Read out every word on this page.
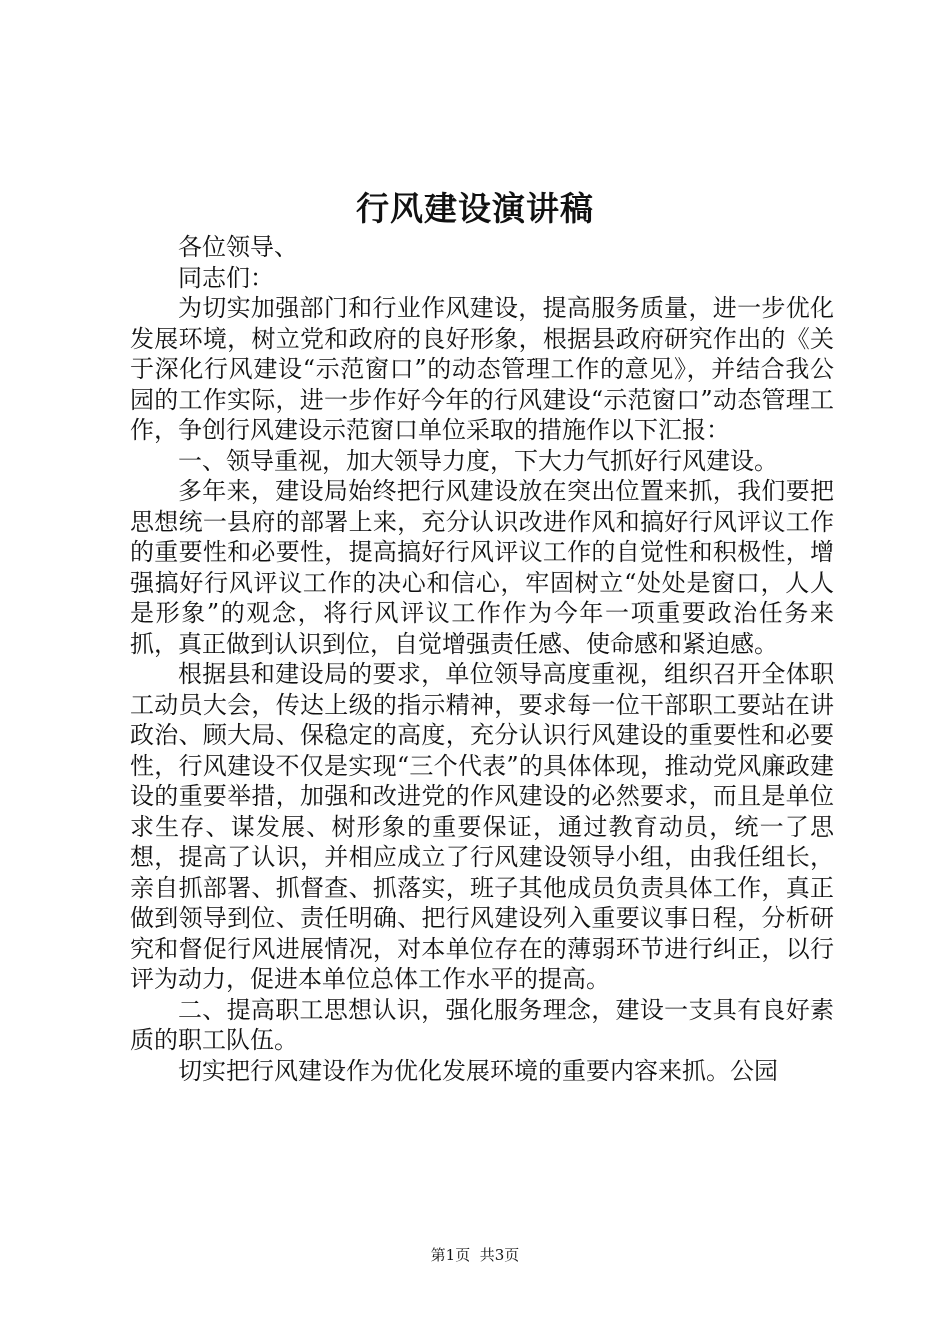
行风建设演讲稿

各位领导、

同志们：

为切实加强部门和行业作风建设，提高服务质量，进一步优化发展环境，树立党和政府的良好形象，根据县政府研究作出的《关于深化行风建设“示范窗口”的动态管理工作的意见》，并结合我公园的工作实际，进一步作好今年的行风建设“示范窗口”动态管理工作，争创行风建设示范窗口单位采取的措施作以下汇报：

一、领导重视，加大领导力度，下大力气抓好行风建设。

多年来，建设局始终把行风建设放在突出位置来抓，我们要把思想统一县府的部署上来，充分认识改进作风和搞好行风评议工作的重要性和必要性，提高搞好行风评议工作的自觉性和积极性，增强搞好行风评议工作的决心和信心，牢固树立“处处是窗口，人人是形象”的观念，将行风评议工作作为今年一项重要政治任务来抓，真正做到认识到位，自觉增强责任感、使命感和紧迫感。

根据县和建设局的要求，单位领导高度重视，组织召开全体职工动员大会，传达上级的指示精神，要求每一位干部职工要站在讲政治、顾大局、保稳定的高度，充分认识行风建设的重要性和必要性，行风建设不仅是实现“三个代表”的具体体现，推动党风廉政建设的重要举措，加强和改进党的作风建设的必然要求，而且是单位求生存、谋发展、树形象的重要保证，通过教育动员，统一了思想，提高了认识，并相应成立了行风建设领导小组，由我任组长，亲自抓部署、抓督查、抓落实，班子其他成员负责具体工作，真正做到领导到位、责任明确、把行风建设列入重要议事日程，分析研究和督促行风进展情况，对本单位存在的薄弱环节进行纠正，以行评为动力，促进本单位总体工作水平的提高。

二、提高职工思想认识，强化服务理念，建设一支具有良好素质的职工队伍。

切实把行风建设作为优化发展环境的重要内容来抓。公园

第1页 共3页
